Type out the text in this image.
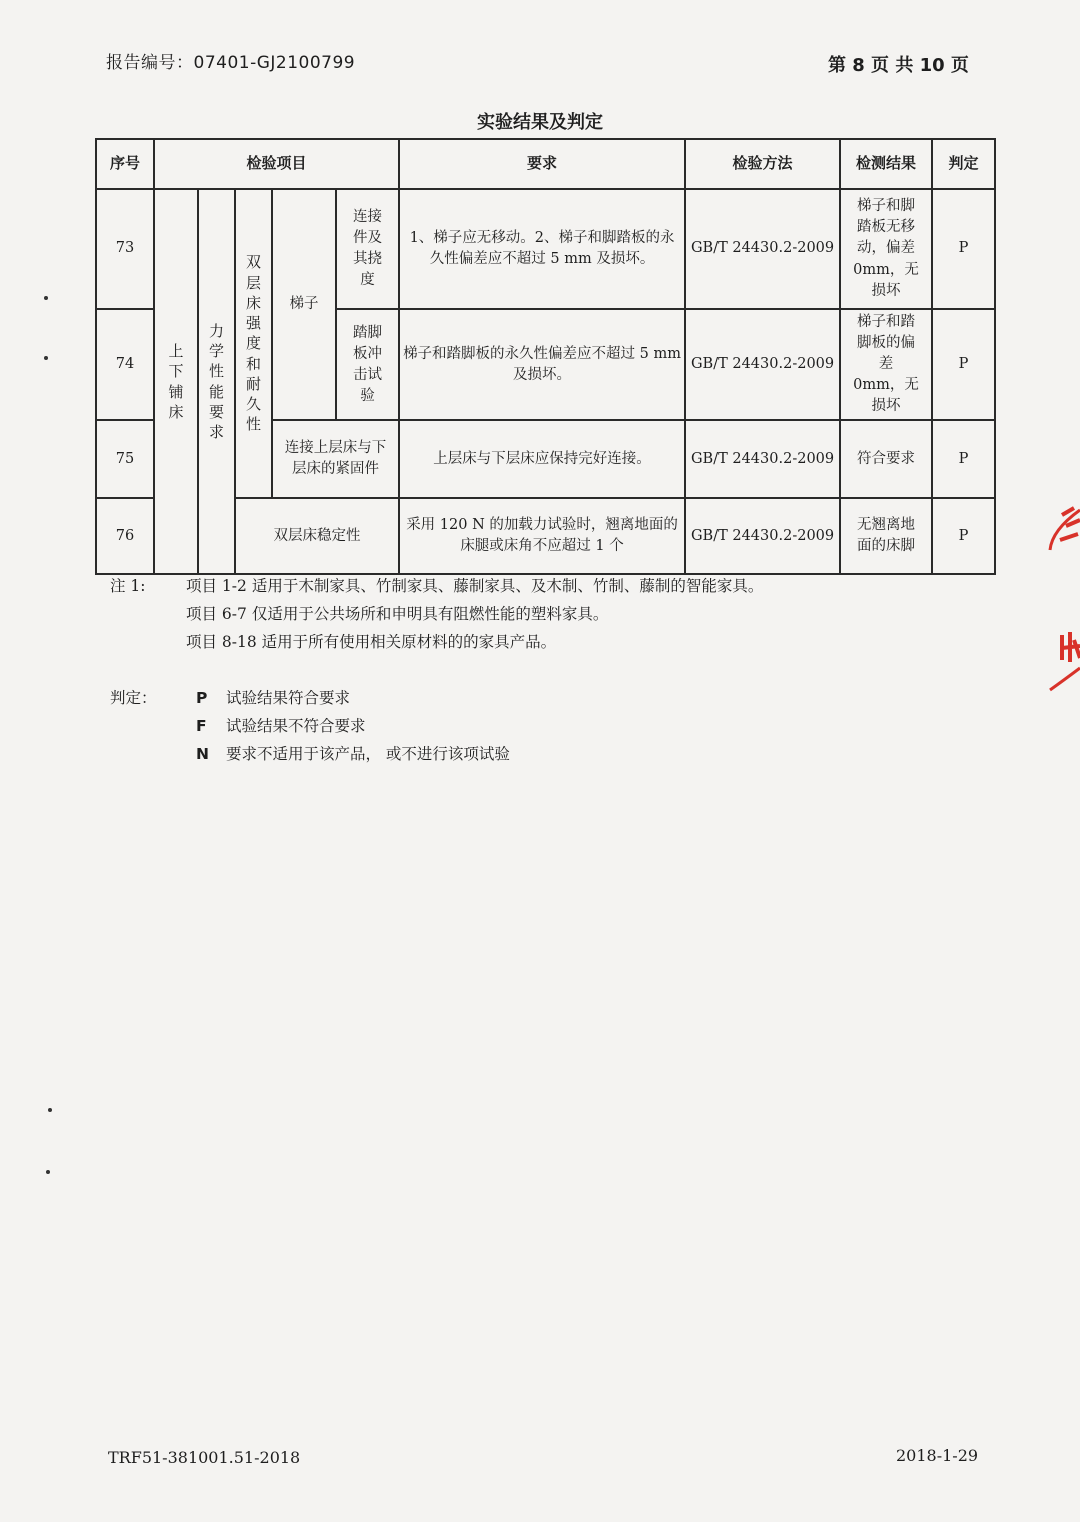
报告编号：07401-GJ2100799	第 8 页 共 10 页
实验结果及判定
序号	检验项目					要求	检验方法	检测结果	判定
73	上下铺床	力学性能要求	双层床强度和耐久性	梯子	连接件及其挠度	1、梯子应无移动。2、梯子和脚踏板的永久性偏差应不超过 5 mm 及损坏。	GB/T 24430.2-2009	梯子和脚踏板无移动，偏差 0mm，无损坏	P
74					踏脚板冲击试验	梯子和踏脚板的永久性偏差应不超过 5 mm 及损坏。	GB/T 24430.2-2009	梯子和踏脚板的偏差 0mm，无损坏	P
75				连接上层床与下层床的紧固件		上层床与下层床应保持完好连接。	GB/T 24430.2-2009	符合要求	P
76			双层床稳定性			采用 120 N 的加载力试验时，翘离地面的床腿或床角不应超过 1 个	GB/T 24430.2-2009	无翘离地面的床脚	P
注 1:	项目 1-2 适用于木制家具、竹制家具、藤制家具、及木制、竹制、藤制的智能家具。
项目 6-7 仅适用于公共场所和申明具有阻燃性能的塑料家具。
项目 8-18 适用于所有使用相关原材料的的家具产品。
判定：	P	试验结果符合要求
F	试验结果不符合要求
N	要求不适用于该产品， 或不进行该项试验
TRF51-381001.51-2018	2018-1-29
